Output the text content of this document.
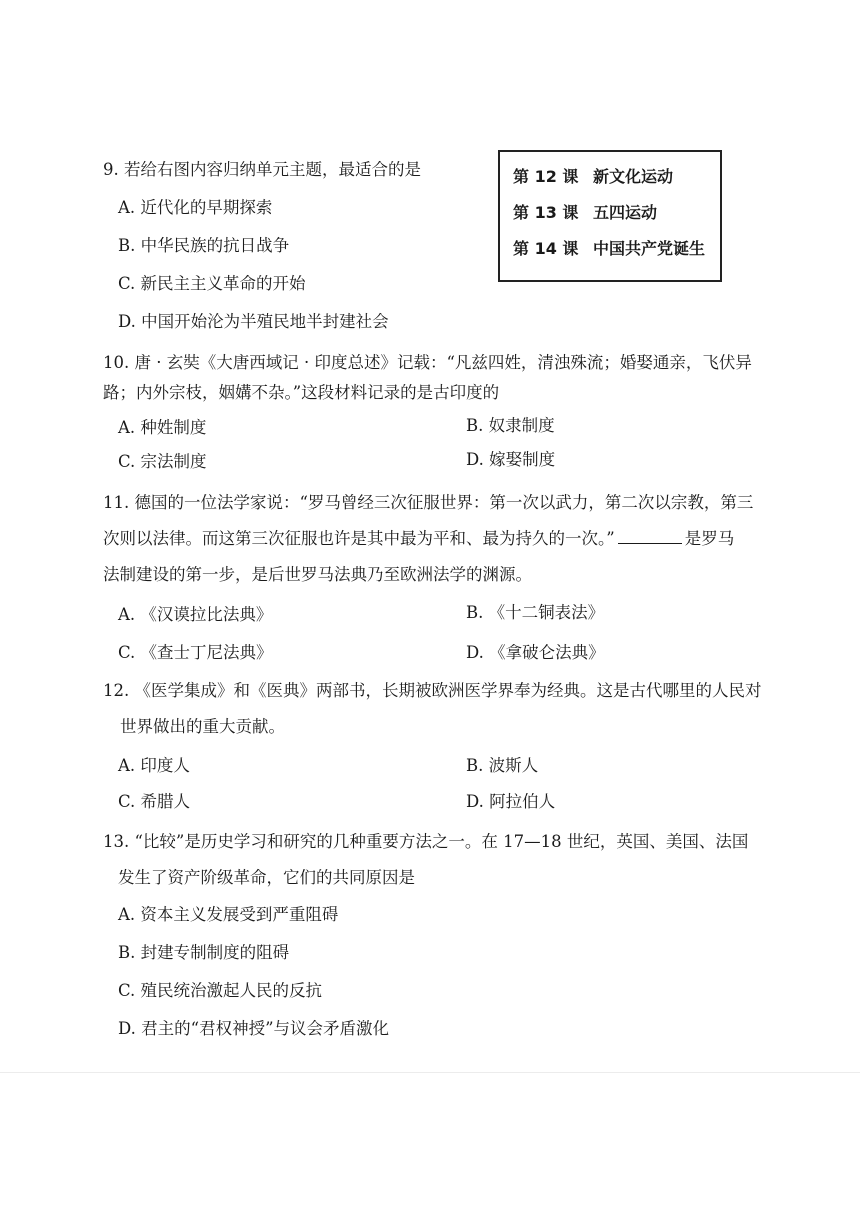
9. 若给右图内容归纳单元主题，最适合的是
A. 近代化的早期探索
B. 中华民族的抗日战争
C. 新民主主义革命的开始
D. 中国开始沦为半殖民地半封建社会
第 12 课 新文化运动
第 13 课 五四运动
第 14 课 中国共产党诞生
10. 唐 · 玄奘《大唐西域记 · 印度总述》记载：“凡兹四姓，清浊殊流；婚娶通亲，飞伏异
路；内外宗枝，姻媾不杂。”这段材料记录的是古印度的
A. 种姓制度	B. 奴隶制度
C. 宗法制度	D. 嫁娶制度
11. 德国的一位法学家说：“罗马曾经三次征服世界：第一次以武力，第二次以宗教，第三
次则以法律。而这第三次征服也许是其中最为平和、最为持久的一次。”	是罗马
法制建设的第一步，是后世罗马法典乃至欧洲法学的渊源。
A. 《汉谟拉比法典》	B. 《十二铜表法》
C. 《查士丁尼法典》	D. 《拿破仑法典》
12. 《医学集成》和《医典》两部书，长期被欧洲医学界奉为经典。这是古代哪里的人民对
世界做出的重大贡献。
A. 印度人	B. 波斯人
C. 希腊人	D. 阿拉伯人
13. “比较”是历史学习和研究的几种重要方法之一。在 17—18 世纪，英国、美国、法国
发生了资产阶级革命，它们的共同原因是
A. 资本主义发展受到严重阻碍
B. 封建专制制度的阻碍
C. 殖民统治激起人民的反抗
D. 君主的“君权神授”与议会矛盾激化
